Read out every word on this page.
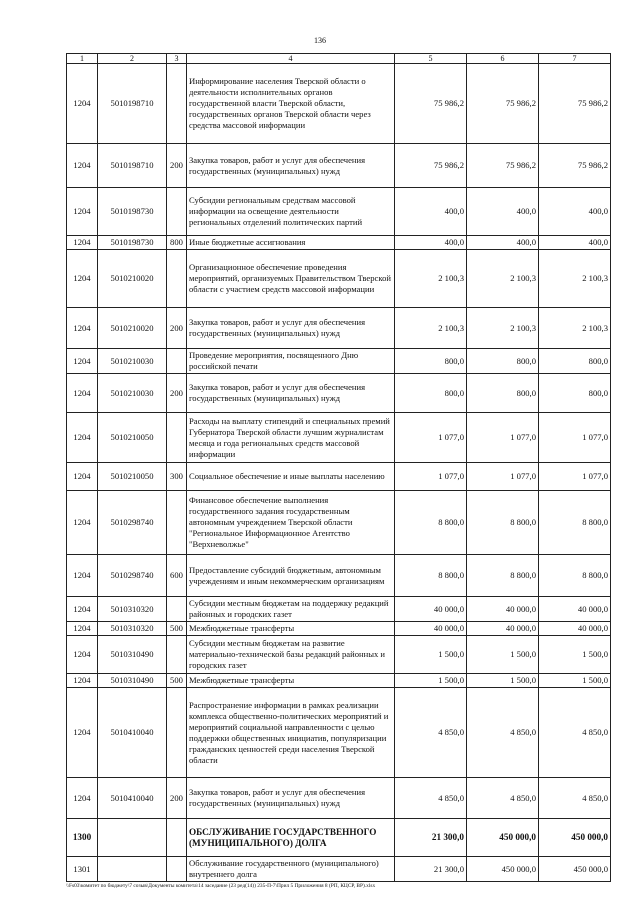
136
1	2	3	4	5	6	7
1204	5010198710		Информирование населения Тверской области о деятельности исполнительных органов государственной власти Тверской области, государственных органов Тверской области через средства массовой информации	75 986,2	75 986,2	75 986,2
1204	5010198710	200	Закупка товаров, работ и услуг для обеспечения государственных (муниципальных) нужд	75 986,2	75 986,2	75 986,2
1204	5010198730		Субсидии региональным средствам массовой информации на освещение деятельности региональных отделений политических партий	400,0	400,0	400,0
1204	5010198730	800	Иные бюджетные ассигнования	400,0	400,0	400,0
1204	5010210020		Организационное обеспечение проведения мероприятий, организуемых Правительством Тверской области с участием средств массовой информации	2 100,3	2 100,3	2 100,3
1204	5010210020	200	Закупка товаров, работ и услуг для обеспечения государственных (муниципальных) нужд	2 100,3	2 100,3	2 100,3
1204	5010210030		Проведение мероприятия, посвященного Дню российской печати	800,0	800,0	800,0
1204	5010210030	200	Закупка товаров, работ и услуг для обеспечения государственных (муниципальных) нужд	800,0	800,0	800,0
1204	5010210050		Расходы на выплату стипендий и специальных премий Губернатора Тверской области лучшим журналистам месяца и года региональных средств массовой информации	1 077,0	1 077,0	1 077,0
1204	5010210050	300	Социальное обеспечение и иные выплаты населению	1 077,0	1 077,0	1 077,0
1204	5010298740		Финансовое обеспечение выполнения государственного задания государственным автономным учреждением Тверской области "Региональное Информационное Агентство "Верхневолжье"	8 800,0	8 800,0	8 800,0
1204	5010298740	600	Предоставление субсидий бюджетным, автономным учреждениям и иным некоммерческим организациям	8 800,0	8 800,0	8 800,0
1204	5010310320		Субсидии местным бюджетам на поддержку редакций районных и городских газет	40 000,0	40 000,0	40 000,0
1204	5010310320	500	Межбюджетные трансферты	40 000,0	40 000,0	40 000,0
1204	5010310490		Субсидии местным бюджетам на развитие материально-технической базы редакций районных и городских газет	1 500,0	1 500,0	1 500,0
1204	5010310490	500	Межбюджетные трансферты	1 500,0	1 500,0	1 500,0
1204	5010410040		Распространение информации в рамках реализации комплекса общественно-политических мероприятий и мероприятий социальной направленности с целью поддержки общественных инициатив, популяризации гражданских ценностей среди населения Тверской области	4 850,0	4 850,0	4 850,0
1204	5010410040	200	Закупка товаров, работ и услуг для обеспечения государственных (муниципальных) нужд	4 850,0	4 850,0	4 850,0
1300			ОБСЛУЖИВАНИЕ ГОСУДАРСТВЕННОГО (МУНИЦИПАЛЬНОГО) ДОЛГА	21 300,0	450 000,0	450 000,0
1301			Обслуживание государственного (муниципального) внутреннего долга	21 300,0	450 000,0	450 000,0
\\Fs03\комитет по бюджету\7 созыв\Документы комитета\14 заседание (23 ред(14)) 235-П-7\Прил 5 Приложения 8 (РП, КЦСР, ВР).xlsx
